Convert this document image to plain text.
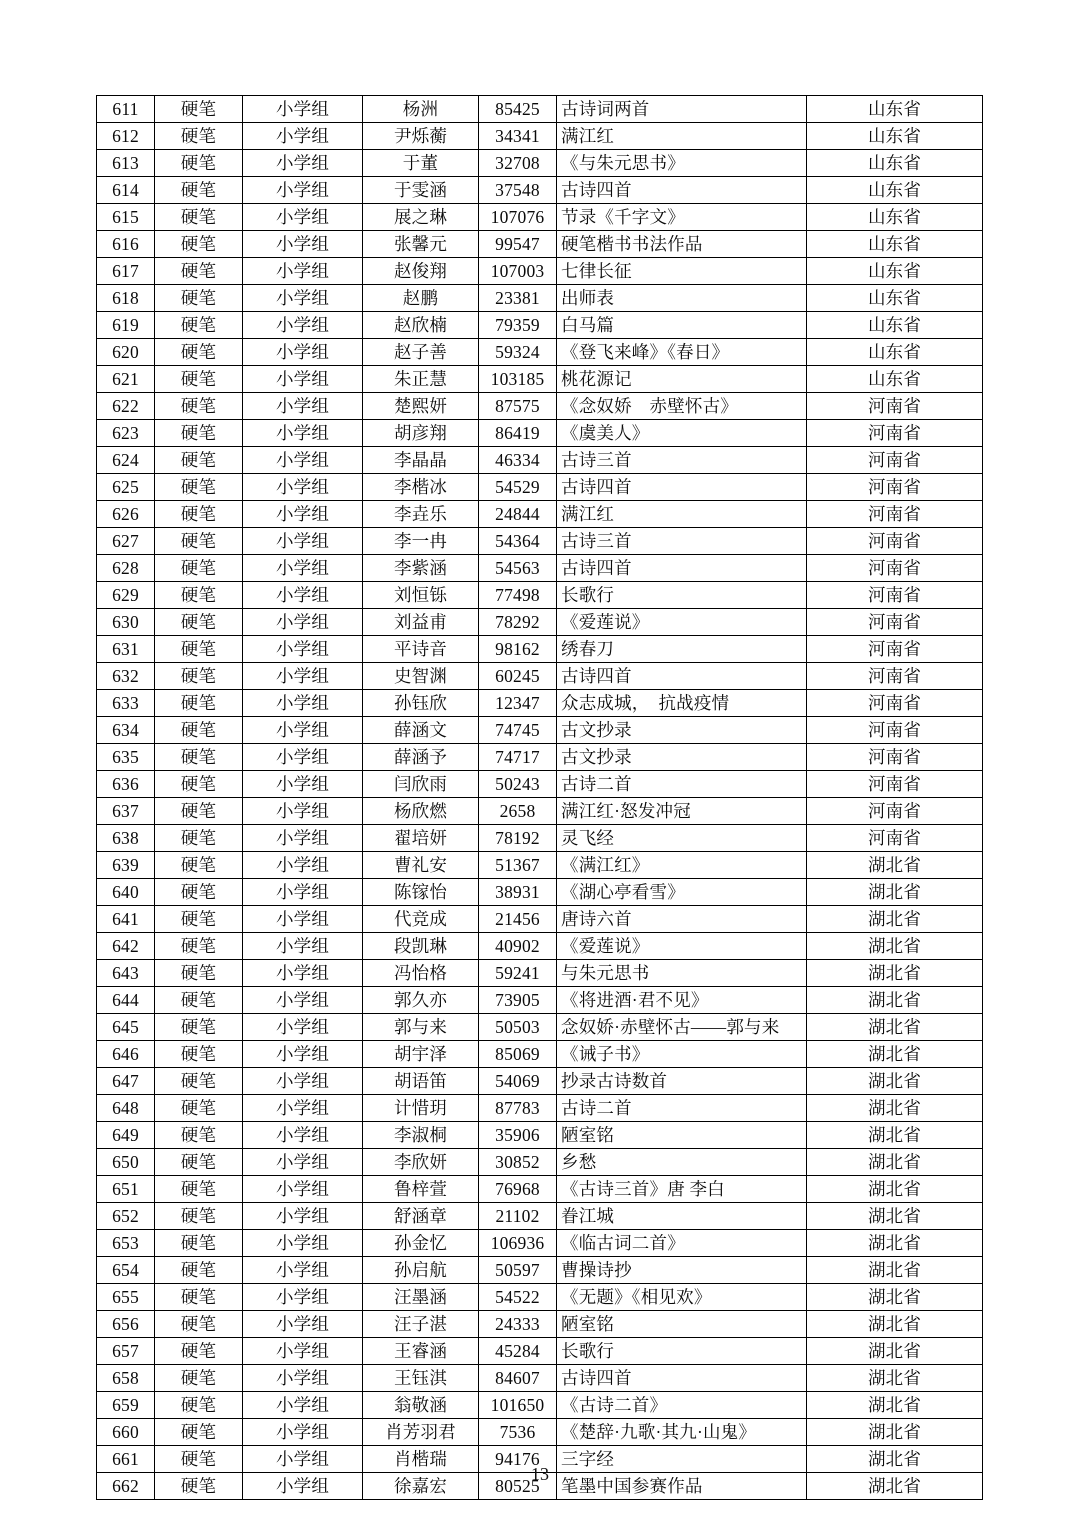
611	硬笔	小学组	杨洲	85425	古诗词两首	山东省
612	硬笔	小学组	尹烁蘅	34341	满江红	山东省
613	硬笔	小学组	于董	32708	《与朱元思书》	山东省
614	硬笔	小学组	于雯涵	37548	古诗四首	山东省
615	硬笔	小学组	展之琳	107076	节录《千字文》	山东省
616	硬笔	小学组	张馨元	99547	硬笔楷书书法作品	山东省
617	硬笔	小学组	赵俊翔	107003	七律长征	山东省
618	硬笔	小学组	赵鹏	23381	出师表	山东省
619	硬笔	小学组	赵欣楠	79359	白马篇	山东省
620	硬笔	小学组	赵子善	59324	《登飞来峰》《春日》	山东省
621	硬笔	小学组	朱正慧	103185	桃花源记	山东省
622	硬笔	小学组	楚熙妍	87575	《念奴娇　赤壁怀古》	河南省
623	硬笔	小学组	胡彦翔	86419	《虞美人》	河南省
624	硬笔	小学组	李晶晶	46334	古诗三首	河南省
625	硬笔	小学组	李楷冰	54529	古诗四首	河南省
626	硬笔	小学组	李垚乐	24844	满江红	河南省
627	硬笔	小学组	李一冉	54364	古诗三首	河南省
628	硬笔	小学组	李紫涵	54563	古诗四首	河南省
629	硬笔	小学组	刘恒铄	77498	长歌行	河南省
630	硬笔	小学组	刘益甫	78292	《爱莲说》	河南省
631	硬笔	小学组	平诗音	98162	绣春刀	河南省
632	硬笔	小学组	史智渊	60245	古诗四首	河南省
633	硬笔	小学组	孙钰欣	12347	众志成城，　抗战疫情	河南省
634	硬笔	小学组	薛涵文	74745	古文抄录	河南省
635	硬笔	小学组	薛涵予	74717	古文抄录	河南省
636	硬笔	小学组	闫欣雨	50243	古诗二首	河南省
637	硬笔	小学组	杨欣燃	2658	满江红·怒发冲冠	河南省
638	硬笔	小学组	翟培妍	78192	灵飞经	河南省
639	硬笔	小学组	曹礼安	51367	《满江红》	湖北省
640	硬笔	小学组	陈镓怡	38931	《湖心亭看雪》	湖北省
641	硬笔	小学组	代竞成	21456	唐诗六首	湖北省
642	硬笔	小学组	段凯琳	40902	《爱莲说》	湖北省
643	硬笔	小学组	冯怡格	59241	与朱元思书	湖北省
644	硬笔	小学组	郭久亦	73905	《将进酒·君不见》	湖北省
645	硬笔	小学组	郭与来	50503	念奴娇·赤壁怀古——郭与来	湖北省
646	硬笔	小学组	胡宇泽	85069	《诫子书》	湖北省
647	硬笔	小学组	胡语笛	54069	抄录古诗数首	湖北省
648	硬笔	小学组	计惜玥	87783	古诗二首	湖北省
649	硬笔	小学组	李淑桐	35906	陋室铭	湖北省
650	硬笔	小学组	李欣妍	30852	乡愁	湖北省
651	硬笔	小学组	鲁梓萱	76968	《古诗三首》唐 李白	湖北省
652	硬笔	小学组	舒涵章	21102	眷江城	湖北省
653	硬笔	小学组	孙金忆	106936	《临古词二首》	湖北省
654	硬笔	小学组	孙启航	50597	曹操诗抄	湖北省
655	硬笔	小学组	汪墨涵	54522	《无题》《相见欢》	湖北省
656	硬笔	小学组	汪子湛	24333	陋室铭	湖北省
657	硬笔	小学组	王睿涵	45284	长歌行	湖北省
658	硬笔	小学组	王钰淇	84607	古诗四首	湖北省
659	硬笔	小学组	翁敬涵	101650	《古诗二首》	湖北省
660	硬笔	小学组	肖芳羽君	7536	《楚辞·九歌·其九·山鬼》	湖北省
661	硬笔	小学组	肖楷瑞	94176	三字经	湖北省
662	硬笔	小学组	徐嘉宏	80525	笔墨中国参赛作品	湖北省
13
